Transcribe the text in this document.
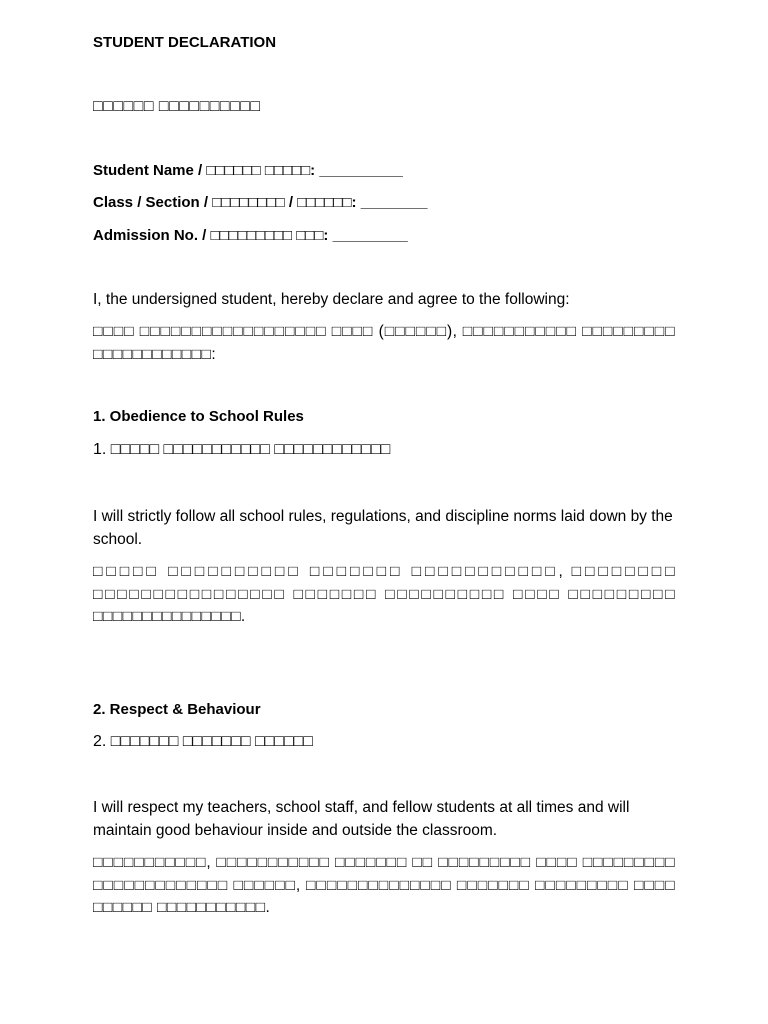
STUDENT DECLARATION
□□□□□□ □□□□□□□□□□
Student Name / □□□□□□ □□□□□: __________
Class / Section / □□□□□□□□ / □□□□□□: ________
Admission No. / □□□□□□□□□ □□□: _________
I, the undersigned student, hereby declare and agree to the following:
□□□□ □□□□□□□□□□□□□□□□□□ □□□□ (□□□□□□), □□□□□□□□□□□ □□□□□□□□□ □□□□□□□□□□□□:
1. Obedience to School Rules
1. □□□□□ □□□□□□□□□□□ □□□□□□□□□□□□
I will strictly follow all school rules, regulations, and discipline norms laid down by the school.
□□□□□ □□□□□□□□□□ □□□□□□□ □□□□□□□□□□□, □□□□□□□□ □□□□□□□□□□□□□□□□ □□□□□□□ □□□□□□□□□□ □□□□ □□□□□□□□□ □□□□□□□□□□□□□□□.
2. Respect & Behaviour
2. □□□□□□□ □□□□□□□ □□□□□□
I will respect my teachers, school staff, and fellow students at all times and will maintain good behaviour inside and outside the classroom.
□□□□□□□□□□□, □□□□□□□□□□□ □□□□□□□ □□ □□□□□□□□□ □□□□ □□□□□□□□□ □□□□□□□□□□□□□ □□□□□□, □□□□□□□□□□□□□□ □□□□□□□ □□□□□□□□□ □□□□ □□□□□□ □□□□□□□□□□□.
